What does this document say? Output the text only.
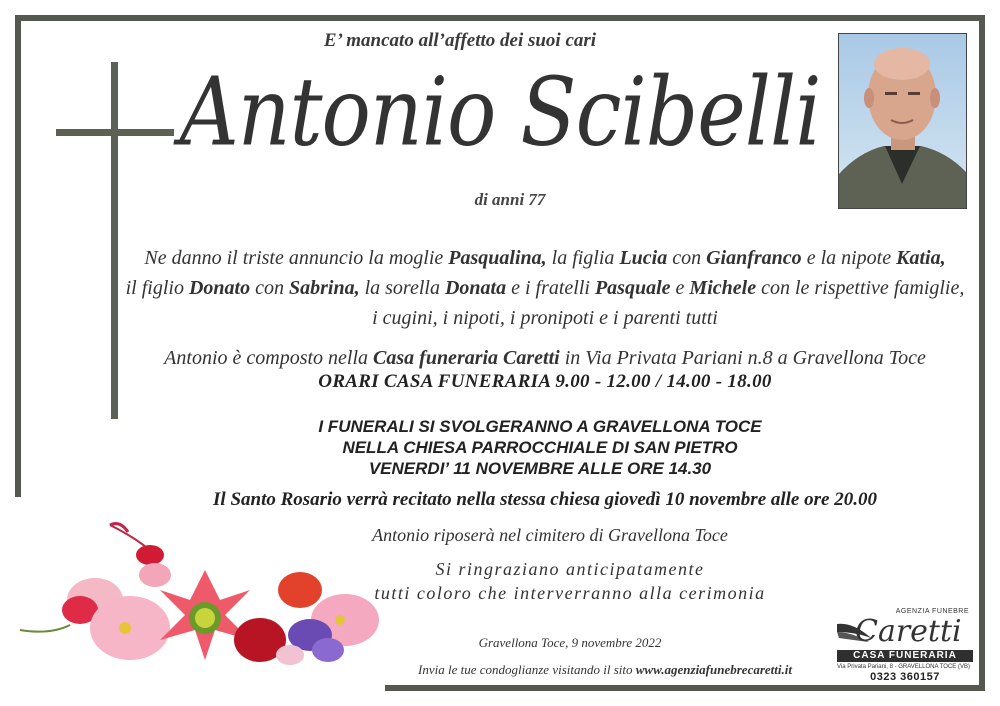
E’ mancato all’affetto dei suoi cari
Antonio Scibelli
di anni 77
Ne danno il triste annuncio la moglie Pasqualina, la figlia Lucia con Gianfranco e la nipote Katia,
il figlio Donato con Sabrina, la sorella Donata e i fratelli Pasquale e Michele con le rispettive famiglie,
i cugini, i nipoti, i pronipoti e i parenti tutti
Antonio è composto nella Casa funeraria Caretti in Via Privata Pariani n.8 a Gravellona Toce
ORARI CASA FUNERARIA 9.00 - 12.00 / 14.00 - 18.00
I FUNERALI SI SVOLGERANNO A GRAVELLONA TOCE
NELLA CHIESA PARROCCHIALE DI SAN PIETRO
VENERDI’ 11 NOVEMBRE ALLE ORE 14.30
Il Santo Rosario verrà recitato nella stessa chiesa giovedì 10 novembre alle ore 20.00
Antonio riposerà nel cimitero di Gravellona Toce
Si ringraziano anticipatamente
tutti coloro che interverranno alla cerimonia
Gravellona Toce, 9 novembre 2022
Invia le tue condoglianze visitando il sito www.agenziafunebrecaretti.it
AGENZIA FUNEBRE
Caretti
CASA FUNERARIA
Via Privata Pariani, 8 - GRAVELLONA TOCE (VB)
0323 360157
